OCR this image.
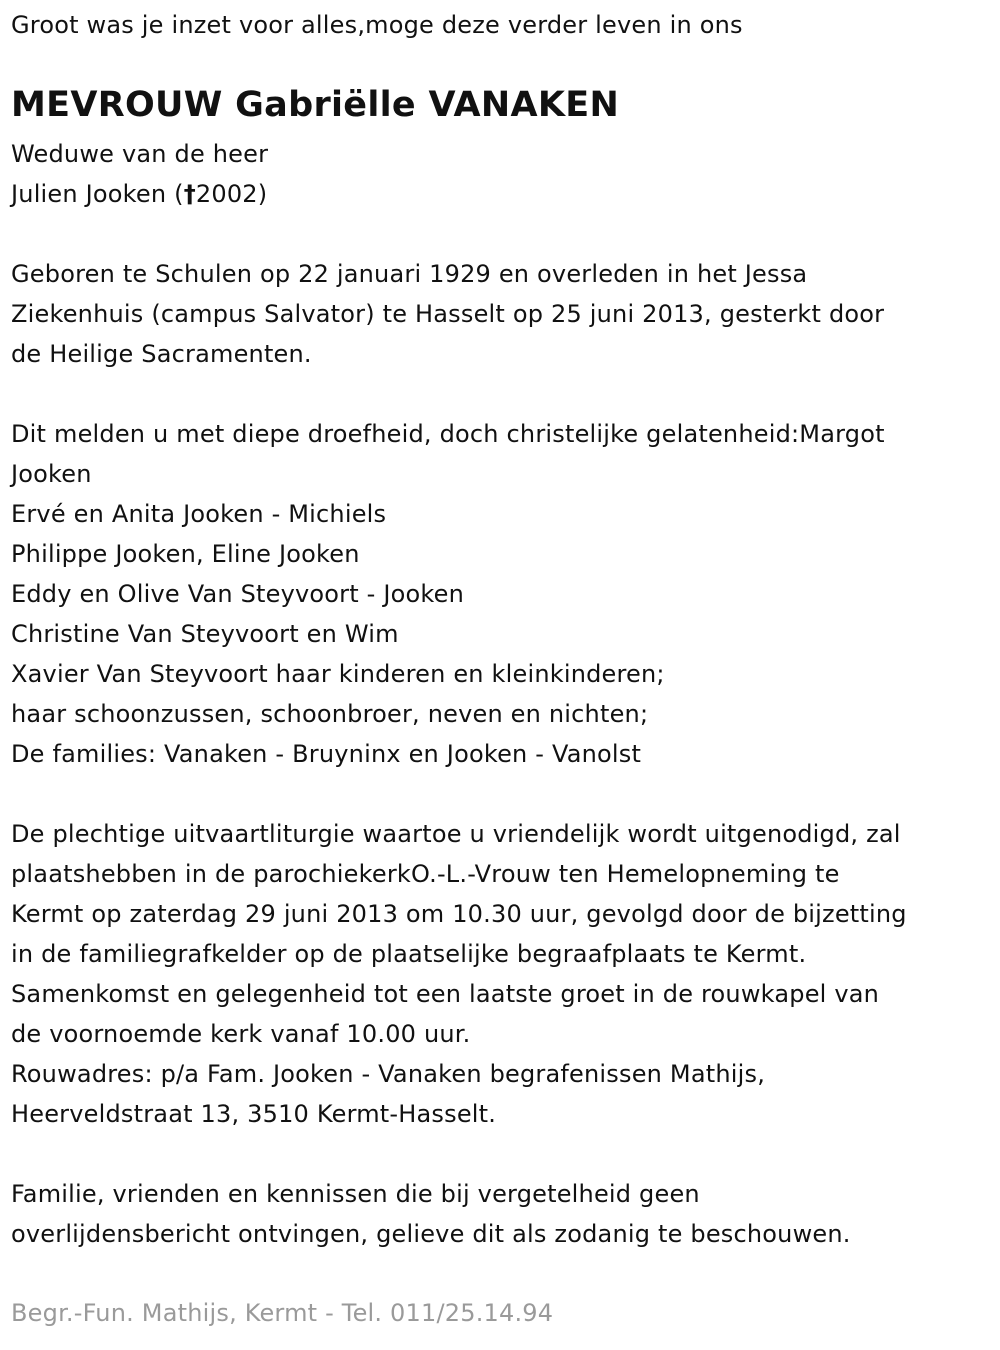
Groot was je inzet voor alles,moge deze verder leven in ons
MEVROUW Gabriëlle VANAKEN
Weduwe van de heer
Julien Jooken (†2002)
Geboren te Schulen op 22 januari 1929 en overleden in het Jessa
Ziekenhuis (campus Salvator) te Hasselt op 25 juni 2013, gesterkt door
de Heilige Sacramenten.
Dit melden u met diepe droefheid, doch christelijke gelatenheid:Margot
Jooken
Ervé en Anita Jooken - Michiels
Philippe Jooken, Eline Jooken
Eddy en Olive Van Steyvoort - Jooken
Christine Van Steyvoort en Wim
Xavier Van Steyvoort haar kinderen en kleinkinderen;
haar schoonzussen, schoonbroer, neven en nichten;
De families: Vanaken - Bruyninx en Jooken - Vanolst
De plechtige uitvaartliturgie waartoe u vriendelijk wordt uitgenodigd, zal
plaatshebben in de parochiekerkO.-L.-Vrouw ten Hemelopneming te
Kermt op zaterdag 29 juni 2013 om 10.30 uur, gevolgd door de bijzetting
in de familiegrafkelder op de plaatselijke begraafplaats te Kermt.
Samenkomst en gelegenheid tot een laatste groet in de rouwkapel van
de voornoemde kerk vanaf 10.00 uur.
Rouwadres: p/a Fam. Jooken - Vanaken begrafenissen Mathijs,
Heerveldstraat 13, 3510 Kermt-Hasselt.
Familie, vrienden en kennissen die bij vergetelheid geen
overlijdensbericht ontvingen, gelieve dit als zodanig te beschouwen.
Begr.-Fun. Mathijs, Kermt - Tel. 011/25.14.94
